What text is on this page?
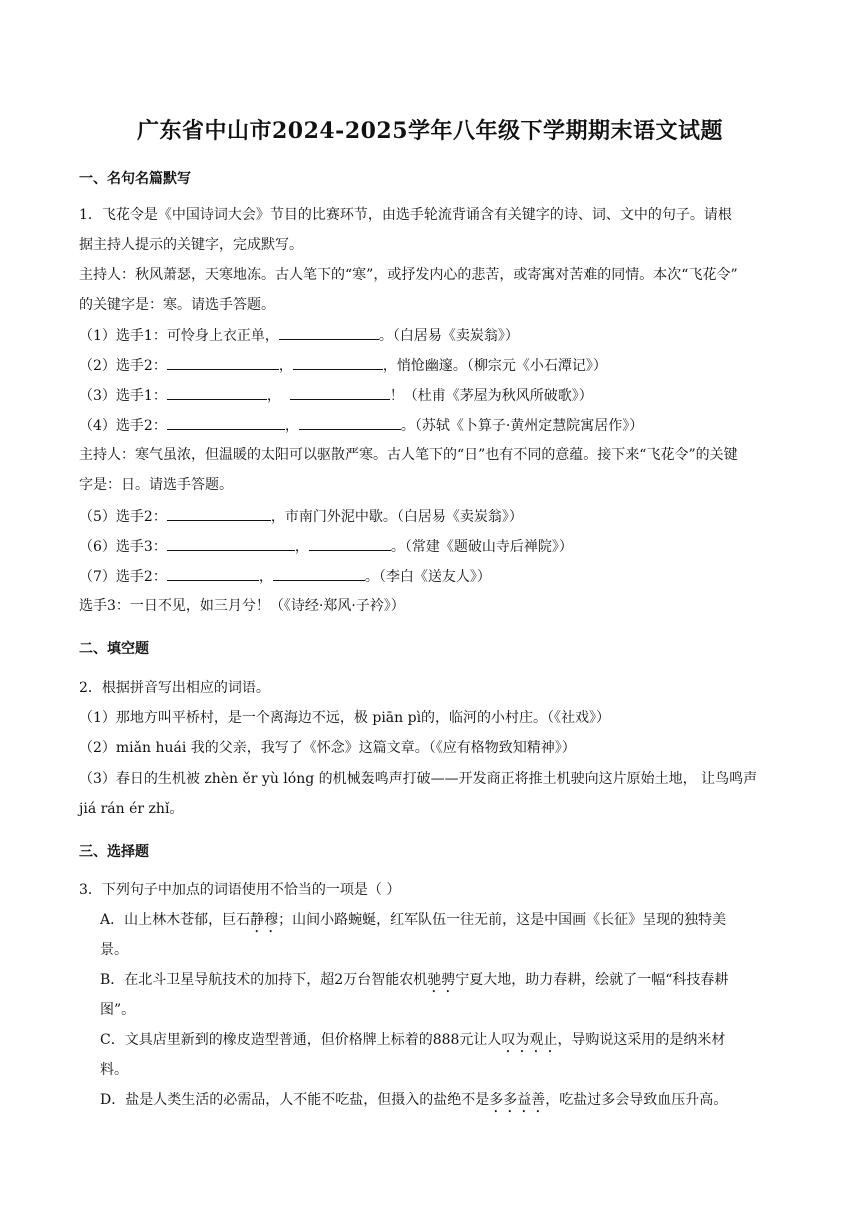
广东省中山市2024-2025学年八年级下学期期末语文试题
一、名句名篇默写
1．飞花令是《中国诗词大会》节目的比赛环节，由选手轮流背诵含有关键字的诗、词、文中的句子。请根
据主持人提示的关键字，完成默写。
主持人：秋风萧瑟，天寒地冻。古人笔下的“寒”，或抒发内心的悲苦，或寄寓对苦难的同情。本次“飞花令”
的关键字是：寒。请选手答题。
（1）选手1：可怜身上衣正单，	。（白居易《卖炭翁》）
（2）选手2：	，	，悄怆幽邃。（柳宗元《小石潭记》）
（3）选手1：	，	！（杜甫《茅屋为秋风所破歌》）
（4）选手2：	，	。（苏轼《卜算子·黄州定慧院寓居作》）
主持人：寒气虽浓，但温暖的太阳可以驱散严寒。古人笔下的“日”也有不同的意蕴。接下来“飞花令”的关键
字是：日。请选手答题。
（5）选手2：	，市南门外泥中歇。（白居易《卖炭翁》）
（6）选手3：	，	。（常建《题破山寺后禅院》）
（7）选手2：	，	。（李白《送友人》）
选手3：一日不见，如三月兮！（《诗经·郑风·子衿》）
二、填空题
2．根据拼音写出相应的词语。
（1）那地方叫平桥村，是一个离海边不远，极 piān pì的，临河的小村庄。（《社戏》）
（2）miǎn huái 我的父亲，我写了《怀念》这篇文章。（《应有格物致知精神》）
（3）春日的生机被 zhèn ěr yù lóng 的机械轰鸣声打破——开发商正将推土机驶向这片原始土地， 让鸟鸣声
jiá rán ér zhǐ。
三、选择题
3．下列句子中加点的词语使用不恰当的一项是（ ）
A．山上林木苍郁，巨石静穆；山间小路蜿蜒，红军队伍一往无前，这是中国画《长征》呈现的独特美
景。
B．在北斗卫星导航技术的加持下，超2万台智能农机驰骋宁夏大地，助力春耕，绘就了一幅“科技春耕
图”。
C．文具店里新到的橡皮造型普通，但价格牌上标着的888元让人叹为观止，导购说这采用的是纳米材
料。
D．盐是人类生活的必需品，人不能不吃盐，但摄入的盐绝不是多多益善，吃盐过多会导致血压升高。
